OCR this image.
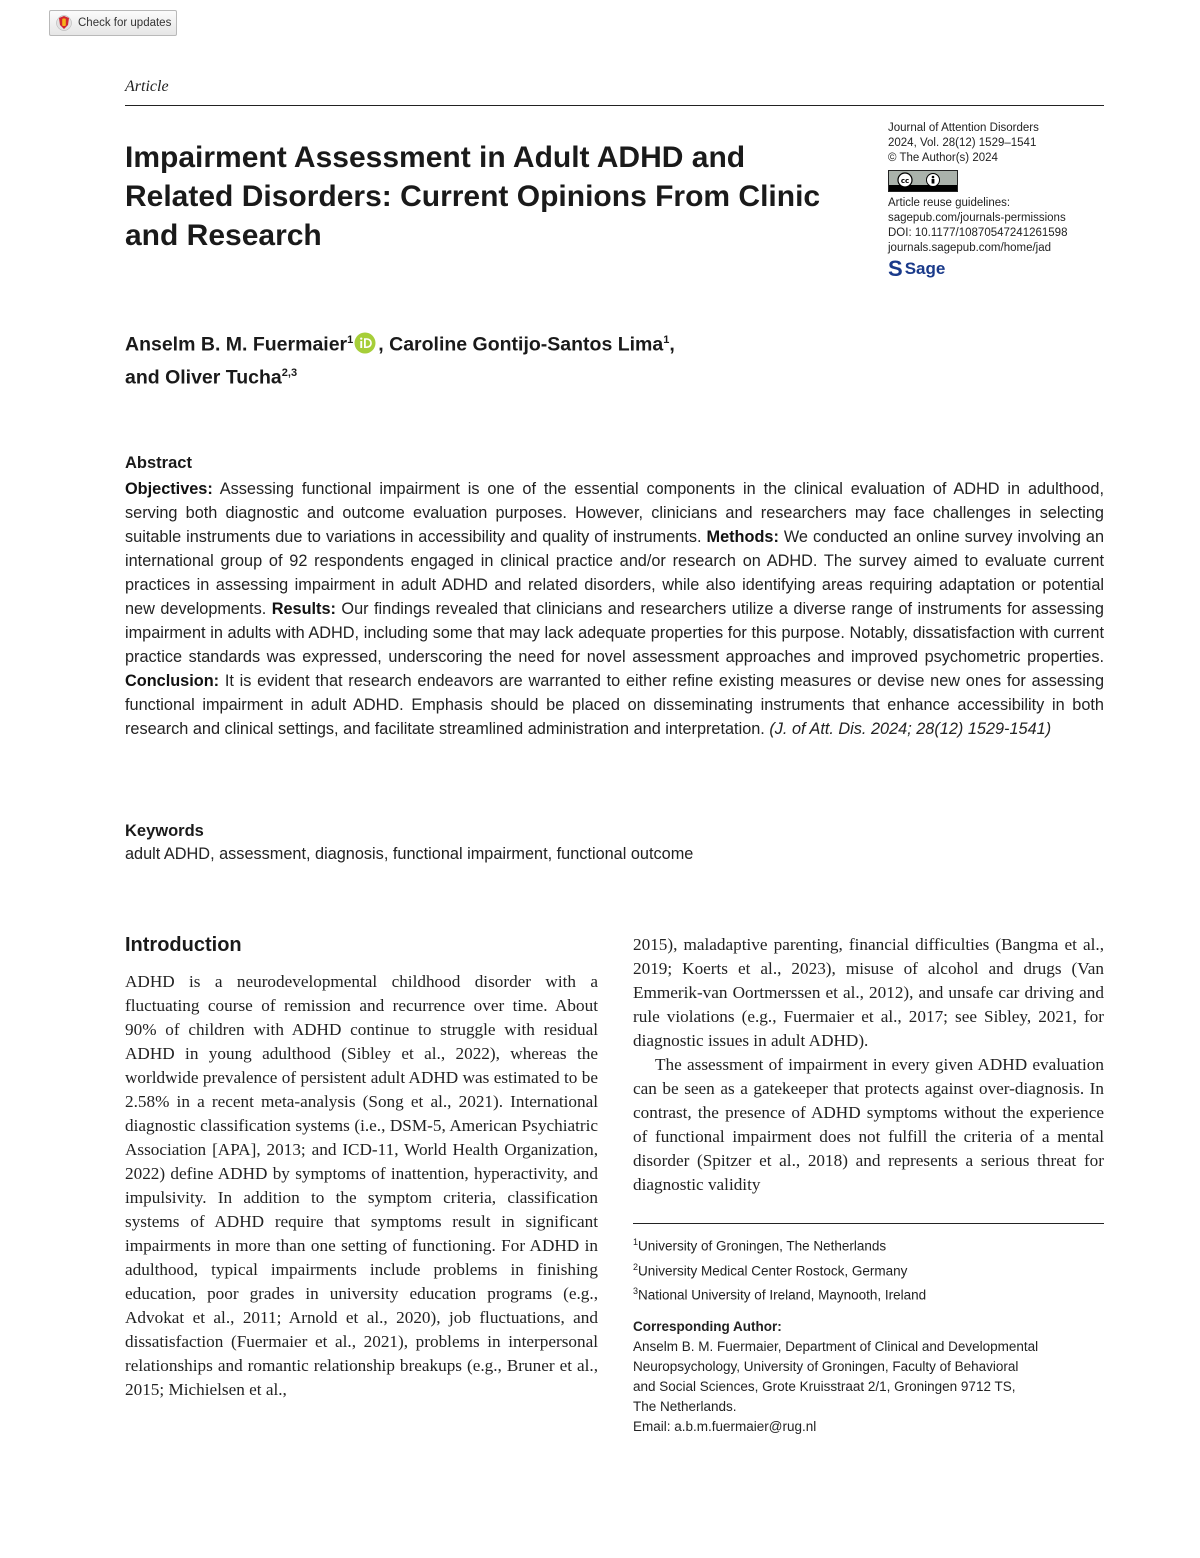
Check for updates
Article
Impairment Assessment in Adult ADHD and Related Disorders: Current Opinions From Clinic and Research
Journal of Attention Disorders
2024, Vol. 28(12) 1529–1541
© The Author(s) 2024
cc
Article reuse guidelines:
sagepub.com/journals-permissions
DOI: 10.1177/10870547241261598
journals.sagepub.com/home/jad
S Sage
Anselm B. M. Fuermaier$^1$ , Caroline Gontijo-Santos Lima$^1$,
and Oliver Tucha$^{2,3}$
Abstract

Objectives: Assessing functional impairment is one of the essential components in the clinical evaluation of ADHD in adulthood, serving both diagnostic and outcome evaluation purposes. However, clinicians and researchers may face challenges in selecting suitable instruments due to variations in accessibility and quality of instruments. Methods: We conducted an online survey involving an international group of 92 respondents engaged in clinical practice and/or research on ADHD. The survey aimed to evaluate current practices in assessing impairment in adult ADHD and related disorders, while also identifying areas requiring adaptation or potential new developments. Results: Our findings revealed that clinicians and researchers utilize a diverse range of instruments for assessing impairment in adults with ADHD, including some that may lack adequate properties for this purpose. Notably, dissatisfaction with current practice standards was expressed, underscoring the need for novel assessment approaches and improved psychometric properties. Conclusion: It is evident that research endeavors are warranted to either refine existing measures or devise new ones for assessing functional impairment in adult ADHD. Emphasis should be placed on disseminating instruments that enhance accessibility in both research and clinical settings, and facilitate streamlined administration and interpretation. (J. of Att. Dis. 2024; 28(12) 1529-1541)

Keywords
adult ADHD, assessment, diagnosis, functional impairment, functional outcome
Introduction

ADHD is a neurodevelopmental childhood disorder with a fluctuating course of remission and recurrence over time. About 90% of children with ADHD continue to struggle with residual ADHD in young adulthood (Sibley et al., 2022), whereas the worldwide prevalence of persistent adult ADHD was estimated to be 2.58% in a recent meta-analysis (Song et al., 2021). International diagnostic classification systems (i.e., DSM-5, American Psychiatric Association [APA], 2013; and ICD-11, World Health Organization, 2022) define ADHD by symptoms of inattention, hyperactivity, and impulsivity. In addition to the symptom criteria, classification systems of ADHD require that symptoms result in significant impairments in more than one setting of functioning. For ADHD in adulthood, typical impairments include problems in finishing education, poor grades in university education programs (e.g., Advokat et al., 2011; Arnold et al., 2020), job fluctuations, and dissatisfaction (Fuermaier et al., 2021), problems in interpersonal relationships and romantic relationship breakups (e.g., Bruner et al., 2015; Michielsen et al.,

2015), maladaptive parenting, financial difficulties (Bangma et al., 2019; Koerts et al., 2023), misuse of alcohol and drugs (Van Emmerik-van Oortmerssen et al., 2012), and unsafe car driving and rule violations (e.g., Fuermaier et al., 2017; see Sibley, 2021, for diagnostic issues in adult ADHD).
The assessment of impairment in every given ADHD evaluation can be seen as a gatekeeper that protects against over-diagnosis. In contrast, the presence of ADHD symptoms without the experience of functional impairment does not fulfill the criteria of a mental disorder (Spitzer et al., 2018) and represents a serious threat for diagnostic validity
$^1$University of Groningen, The Netherlands
$^2$University Medical Center Rostock, Germany
$^3$National University of Ireland, Maynooth, Ireland
Corresponding Author:
Anselm B. M. Fuermaier, Department of Clinical and Developmental
Neuropsychology, University of Groningen, Faculty of Behavioral
and Social Sciences, Grote Kruisstraat 2/1, Groningen 9712 TS,
The Netherlands.
Email: a.b.m.fuermaier@rug.nl
